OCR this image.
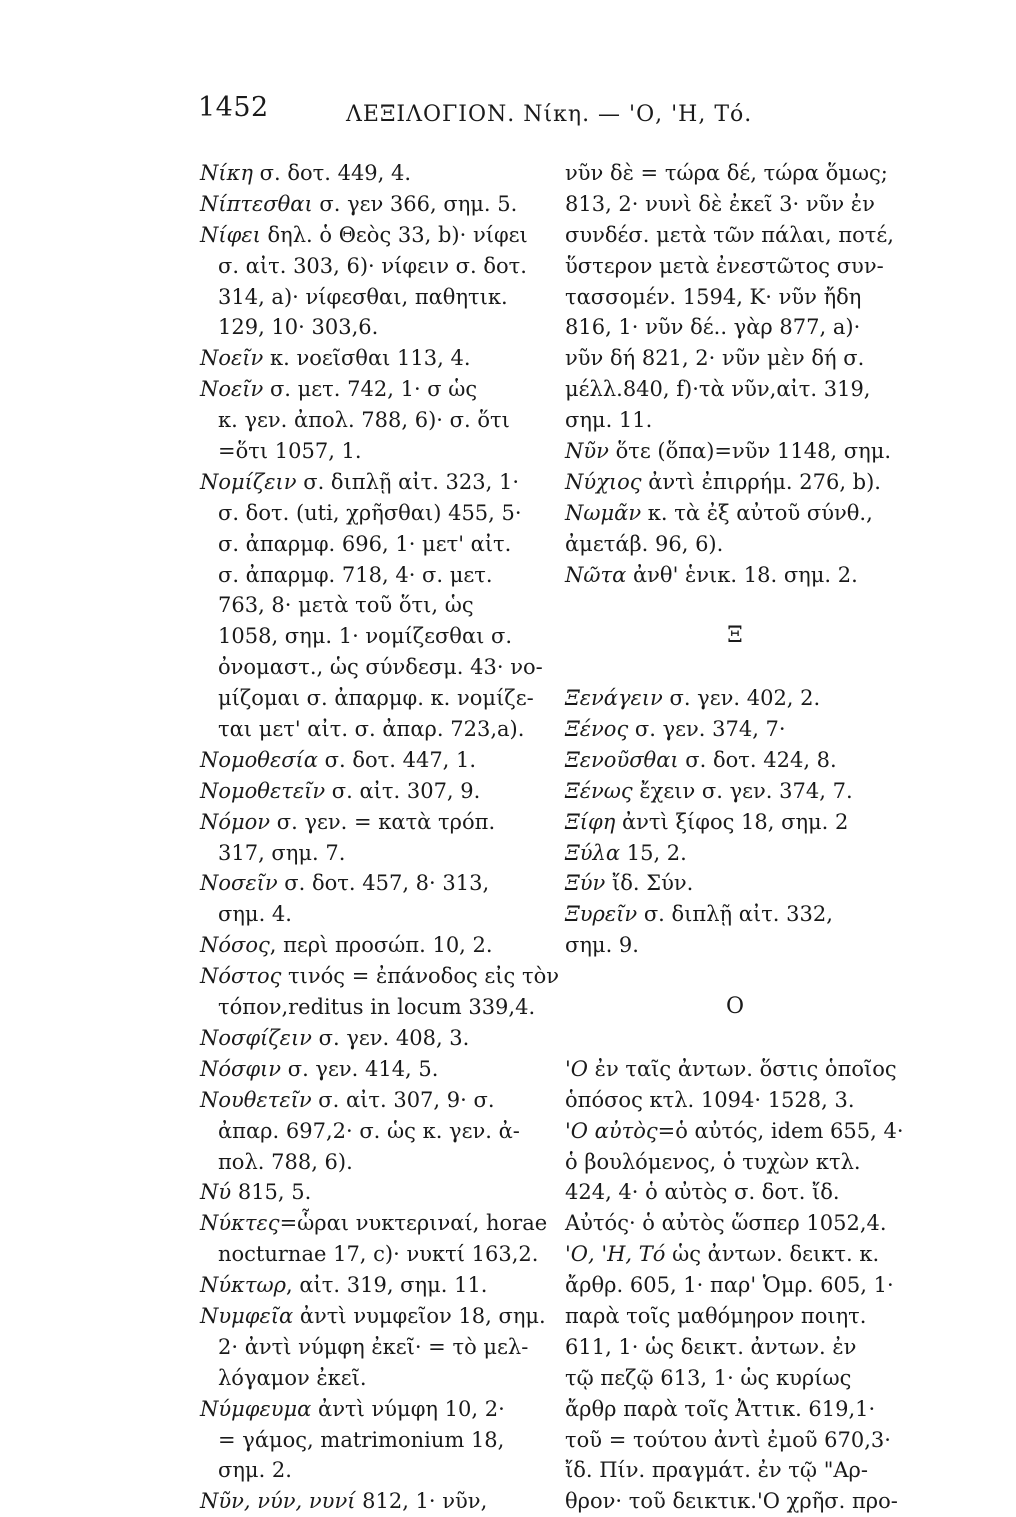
1452	ΛΕΞΙΛΟΓΙΟΝ. Νίκη. — 'Ο, 'Η, Τό.
Νίκη σ. δοτ. 449, 4.
Νίπτεσθαι σ. γεν 366, σημ. 5.
Νίφει δηλ. ὁ Θεὸς 33, b)· νίφει
σ. αἰτ. 303, 6)· νίφειν σ. δοτ.
314, a)· νίφεσθαι, παθητικ.
129, 10· 303,6.
Νοεῖν κ. νοεῖσθαι 113, 4.
Νοεῖν σ. μετ. 742, 1· σ ὡς
κ. γεν. ἀπολ. 788, 6)· σ. ὅτι
=ὅτι 1057, 1.
Νομίζειν σ. διπλῇ αἰτ. 323, 1·
σ. δοτ. (uti, χρῆσθαι) 455, 5·
σ. ἀπαρμφ. 696, 1· μετ' αἰτ.
σ. ἀπαρμφ. 718, 4· σ. μετ.
763, 8· μετὰ τοῦ ὅτι, ὡς
1058, σημ. 1· νομίζεσθαι σ.
ὀνομαστ., ὡς σύνδεσμ. 43· νο-
μίζομαι σ. ἀπαρμφ. κ. νομίζε-
ται μετ' αἰτ. σ. ἀπαρ. 723,a).
Νομοθεσία σ. δοτ. 447, 1.
Νομοθετεῖν σ. αἰτ. 307, 9.
Νόμον σ. γεν. = κατὰ τρόπ.
317, σημ. 7.
Νοσεῖν σ. δοτ. 457, 8· 313,
σημ. 4.
Νόσος, περὶ προσώπ. 10, 2.
Νόστος τινός = ἐπάνοδος εἰς τὸν
τόπον,reditus in locum 339,4.
Νοσφίζειν σ. γεν. 408, 3.
Νόσφιν σ. γεν. 414, 5.
Νουθετεῖν σ. αἰτ. 307, 9· σ.
ἀπαρ. 697,2· σ. ὡς κ. γεν. ἀ-
πολ. 788, 6).
Νύ 815, 5.
Νύκτες=ὧραι νυκτεριναί, horae
nocturnae 17, c)· νυκτί 163,2.
Νύκτωρ, αἰτ. 319, σημ. 11.
Νυμφεῖα ἀντὶ νυμφεῖον 18, σημ.
2· ἀντὶ νύμφη ἐκεῖ· = τὸ μελ-
λόγαμον ἐκεῖ.
Νύμφευμα ἀντὶ νύμφη 10, 2·
= γάμος, matrimonium 18,
σημ. 2.
Νῦν, νύν, νυνί 812, 1· νῦν,
νῦν δὲ = τώρα δέ, τώρα ὅμως;
813, 2· νυνὶ δὲ ἐκεῖ 3· νῦν ἐν
συνδέσ. μετὰ τῶν πάλαι, ποτέ,
ὕστερον μετὰ ἐνεστῶτος συν-
τασσομέν. 1594, K· νῦν ἤδη
816, 1· νῦν δέ.. γὰρ 877, a)·
νῦν δή 821, 2· νῦν μὲν δή σ.
μέλλ.840, f)·τὰ νῦν,αἰτ. 319,
σημ. 11.
Νῦν ὅτε (ὅπα)=νῦν 1148, σημ.
Νύχιος ἀντὶ ἐπιρρήμ. 276, b).
Νωμᾶν κ. τὰ ἐξ αὐτοῦ σύνθ.,
ἀμετάβ. 96, 6).
Νῶτα ἀνθ' ἑνικ. 18. σημ. 2.
Ξ
Ξενάγειν σ. γεν. 402, 2.
Ξένος σ. γεν. 374, 7·
Ξενοῦσθαι σ. δοτ. 424, 8.
Ξένως ἔχειν σ. γεν. 374, 7.
Ξίφη ἀντὶ ξίφος 18, σημ. 2
Ξύλα 15, 2.
Ξύν ἴδ. Σύν.
Ξυρεῖν σ. διπλῇ αἰτ. 332,
σημ. 9.
O
'Ο ἐν ταῖς ἀντων. ὅστις ὁποῖος
ὁπόσος κτλ. 1094· 1528, 3.
'Ο αὐτὸς=ὁ αὐτός, idem 655, 4·
ὁ βουλόμενος, ὁ τυχὼν κτλ.
424, 4· ὁ αὐτὸς σ. δοτ. ἴδ.
Αὐτός· ὁ αὐτὸς ὥσπερ 1052,4.
'Ο, 'Η, Τό ὡς ἀντων. δεικτ. κ.
ἄρθρ. 605, 1· παρ' Ὁμρ. 605, 1·
παρὰ τοῖς μαθόμηρον ποιητ.
611, 1· ὡς δεικτ. ἀντων. ἐν
τῷ πεζῷ 613, 1· ὡς κυρίως
ἄρθρ παρὰ τοῖς Ἀττικ. 619,1·
τοῦ = τούτου ἀντὶ ἐμοῦ 670,3·
ἴδ. Πίν. πραγμάτ. ἐν τῷ "Αρ-
θρον· τοῦ δεικτικ.'Ο χρῆσ. προ-
